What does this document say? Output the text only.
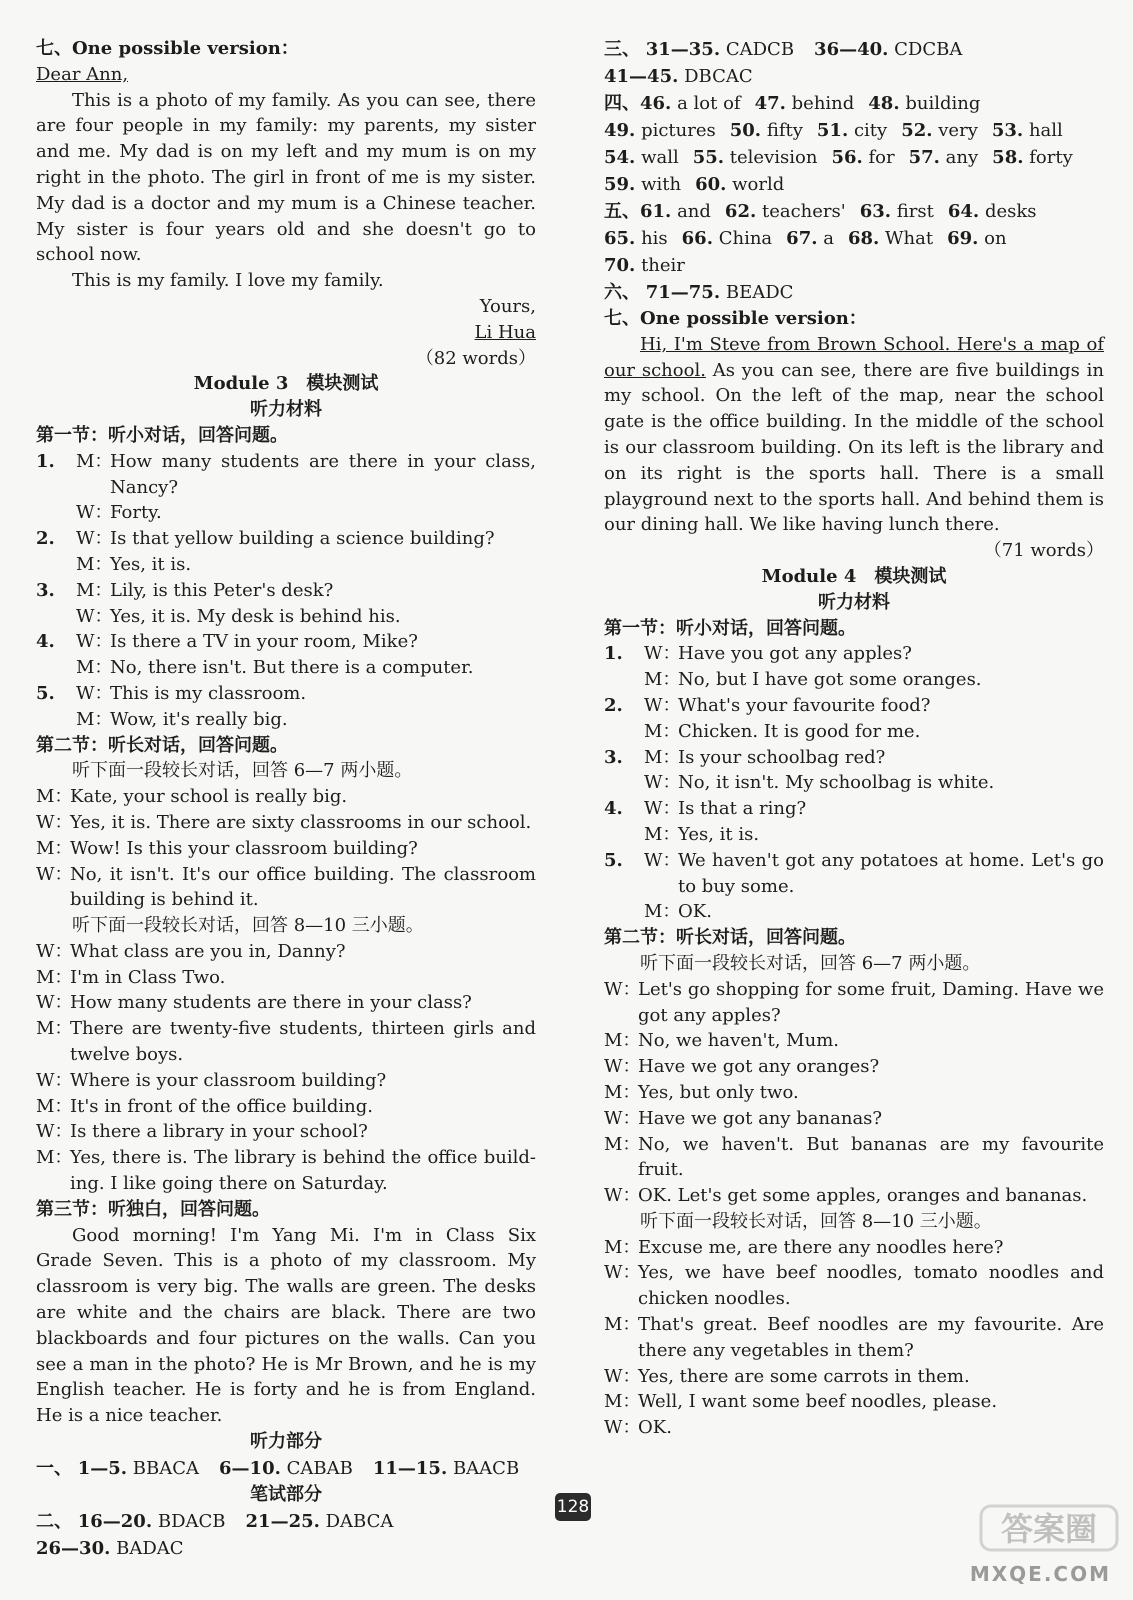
七、One possible version：
Dear Ann,
This is a photo of my family. As you can see, there are four people in my family: my parents, my sister and me. My dad is on my left and my mum is on my right in the photo. The girl in front of me is my sister. My dad is a doctor and my mum is a Chinese teacher. My sister is four years old and she doesn't go to school now.
This is my family. I love my family.
Yours,
Li Hua
（82 words）
Module 3　模块测试
听力材料
第一节：听小对话，回答问题。
1.	M：
How many students are there in your class, Nancy?
W：
Forty.
2.	W：
Is that yellow building a science building?
M：
Yes, it is.
3.	M：
Lily, is this Peter's desk?
W：
Yes, it is. My desk is behind his.
4.	W：
Is there a TV in your room, Mike?
M：
No, there isn't. But there is a computer.
5.	W：
This is my classroom.
M：
Wow, it's really big.
第二节：听长对话，回答问题。
听下面一段较长对话，回答 6—7 两小题。
M：
Kate, your school is really big.
W：
Yes, it is. There are sixty classrooms in our school.
M：
Wow! Is this your classroom building?
W：
No, it isn't. It's our office building. The classroom building is behind it.
听下面一段较长对话，回答 8—10 三小题。
W：
What class are you in, Danny?
M：
I'm in Class Two.
W：
How many students are there in your class?
M：
There are twenty-five students, thirteen girls and twelve boys.
W：
Where is your classroom building?
M：
It's in front of the office building.
W：
Is there a library in your school?
M：
Yes, there is. The library is behind the office build-ing. I like going there on Saturday.
第三节：听独白，回答问题。
Good morning! I'm Yang Mi. I'm in Class Six Grade Seven. This is a photo of my classroom. My classroom is very big. The walls are green. The desks are white and the chairs are black. There are two blackboards and four pictures on the walls. Can you see a man in the photo? He is Mr Brown, and he is my English teacher. He is forty and he is from England. He is a nice teacher.
听力部分
一、 1—5. BBACA 6—10. CABAB 11—15. BAACB
笔试部分
二、 16—20. BDACB 21—25. DABCA
26—30. BADAC
三、 31—35. CADCB 36—40. CDCBA
41—45. DBCAC
四、46. a lot of 47. behind 48. building
49. pictures 50. fifty 51. city 52. very 53. hall
54. wall 55. television 56. for 57. any 58. forty
59. with 60. world
五、61. and 62. teachers' 63. first 64. desks
65. his 66. China 67. a 68. What 69. on
70. their
六、 71—75. BEADC
七、One possible version：
Hi, I'm Steve from Brown School. Here's a map of our school. As you can see, there are five buildings in my school. On the left of the map, near the school gate is the office building. In the middle of the school is our classroom building. On its left is the library and on its right is the sports hall. There is a small playground next to the sports hall. And behind them is our dining hall. We like having lunch there.
（71 words）
Module 4　模块测试
听力材料
第一节：听小对话，回答问题。
1.	W：
Have you got any apples?
M：
No, but I have got some oranges.
2.	W：
What's your favourite food?
M：
Chicken. It is good for me.
3.	M：
Is your schoolbag red?
W：
No, it isn't. My schoolbag is white.
4.	W：
Is that a ring?
M：
Yes, it is.
5.	W：
We haven't got any potatoes at home. Let's go to buy some.
M：
OK.
第二节：听长对话，回答问题。
听下面一段较长对话，回答 6—7 两小题。
W：
Let's go shopping for some fruit, Daming. Have we got any apples?
M：
No, we haven't, Mum.
W：
Have we got any oranges?
M：
Yes, but only two.
W：
Have we got any bananas?
M：
No, we haven't. But bananas are my favourite fruit.
W：
OK. Let's get some apples, oranges and bananas.
听下面一段较长对话，回答 8—10 三小题。
M：
Excuse me, are there any noodles here?
W：
Yes, we have beef noodles, tomato noodles and chicken noodles.
M：
That's great. Beef noodles are my favourite. Are there any vegetables in them?
W：
Yes, there are some carrots in them.
M：
Well, I want some beef noodles, please.
W：
OK.
128
答案圈
MXQE.COM
